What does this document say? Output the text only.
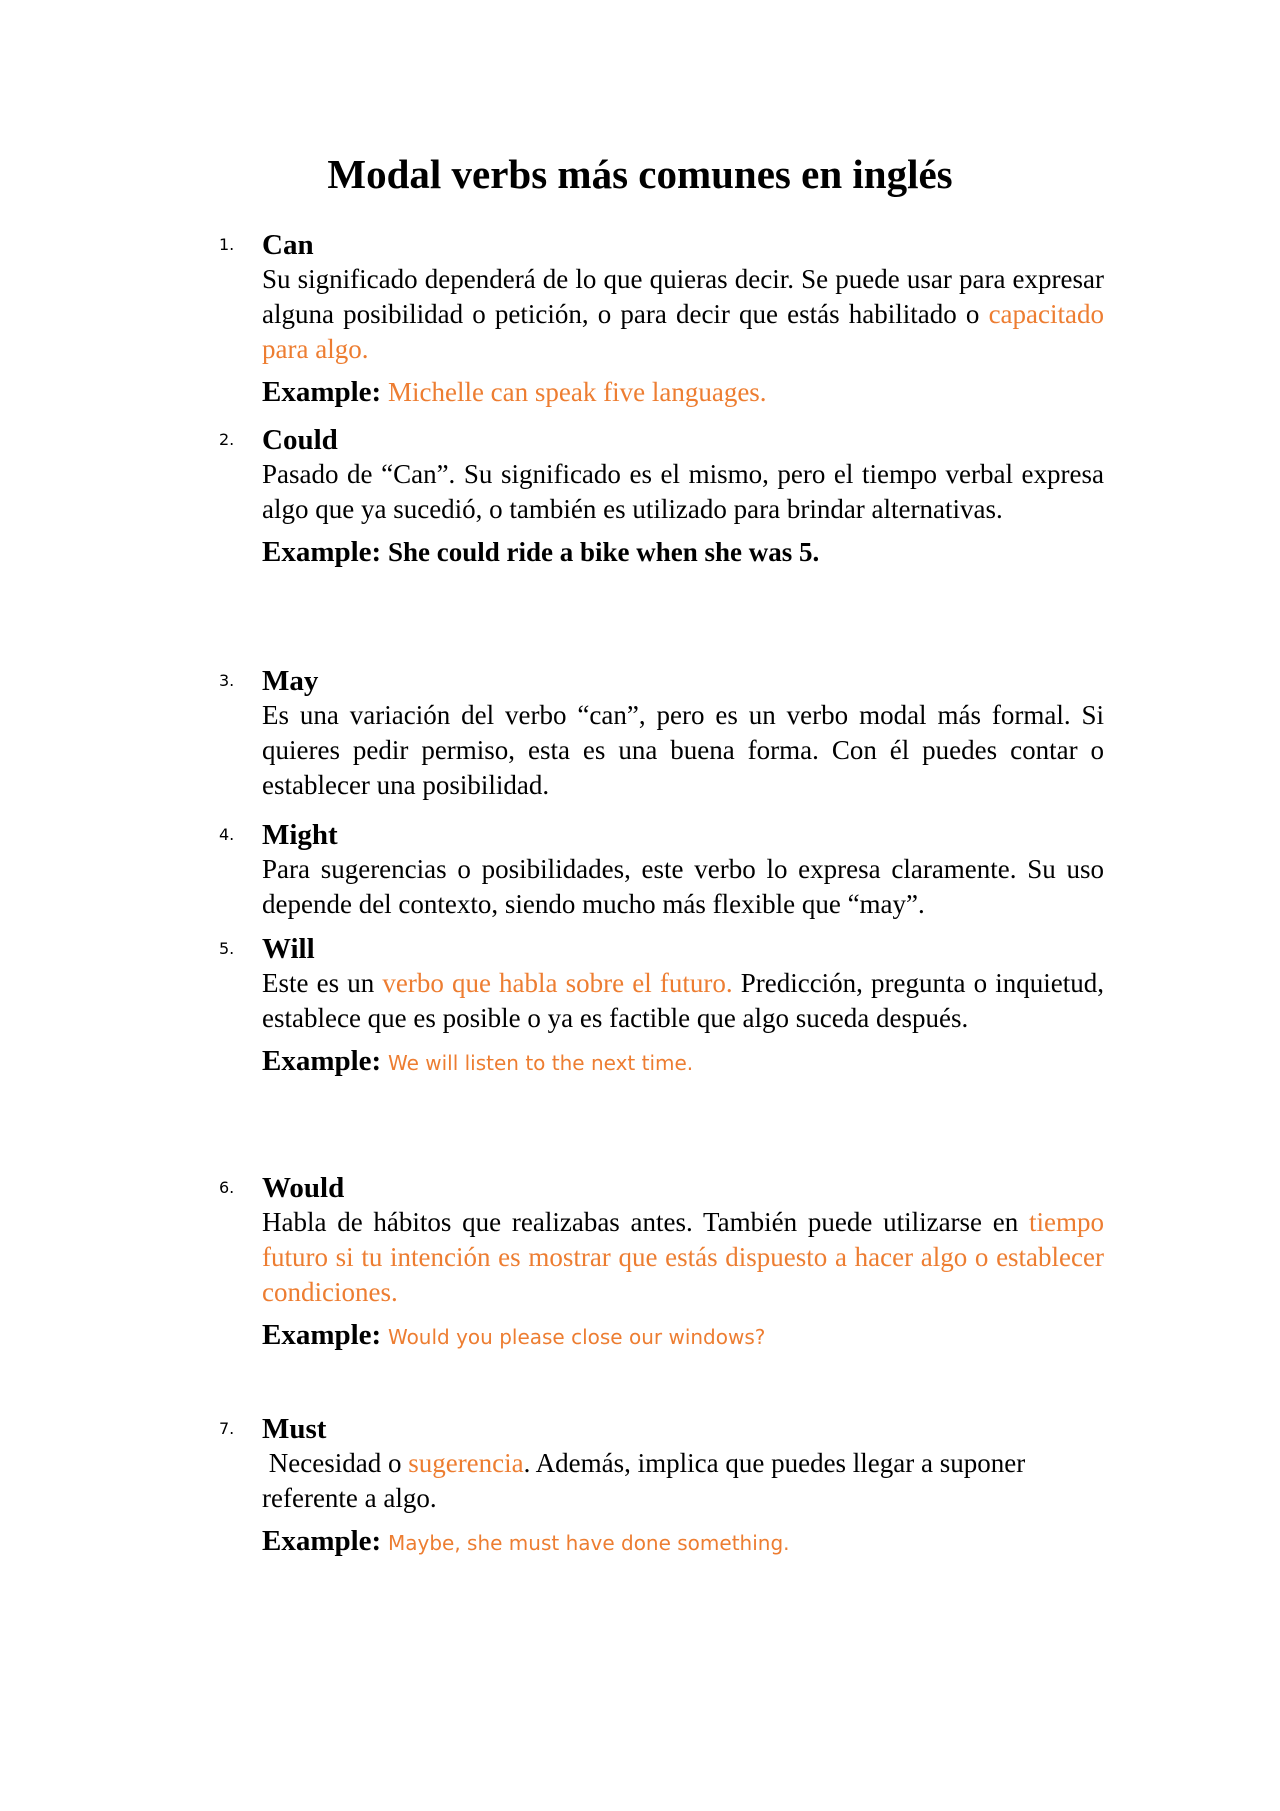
Modal verbs más comunes en inglés
1. Can

Su significado dependerá de lo que quieras decir. Se puede usar para expresar alguna posibilidad o petición, o para decir que estás habilitado o capacitado para algo.

Example: Michelle can speak five languages.

2. Could

Pasado de “Can”. Su significado es el mismo, pero el tiempo verbal expresa algo que ya sucedió, o también es utilizado para brindar alternativas.

Example: She could ride a bike when she was 5.

3. May

Es una variación del verbo “can”, pero es un verbo modal más formal. Si quieres pedir permiso, esta es una buena forma. Con él puedes contar o establecer una posibilidad.

4. Might

Para sugerencias o posibilidades, este verbo lo expresa claramente. Su uso depende del contexto, siendo mucho más flexible que “may”.

5. Will

Este es un verbo que habla sobre el futuro. Predicción, pregunta o inquietud, establece que es posible o ya es factible que algo suceda después.

Example: We will listen to the next time.

6. Would

Habla de hábitos que realizabas antes. También puede utilizarse en tiempo futuro si tu intención es mostrar que estás dispuesto a hacer algo o establecer condiciones.

Example: Would you please close our windows?

7. Must

Necesidad o sugerencia. Además, implica que puedes llegar a suponer referente a algo.

Example: Maybe, she must have done something.
